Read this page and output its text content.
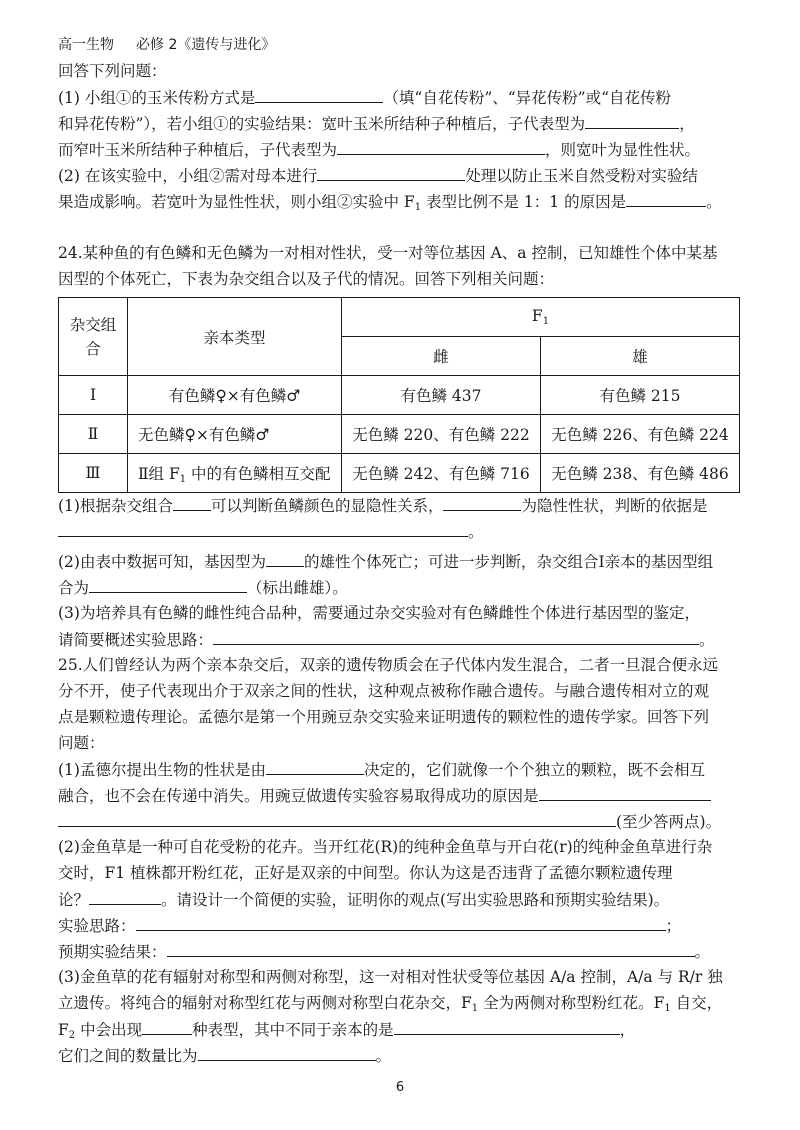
高一生物 必修 2《遗传与进化》
回答下列问题：
(1) 小组①的玉米传粉方式是	（填“自花传粉”、“异花传粉”或“自花传粉
和异花传粉”），若小组①的实验结果：宽叶玉米所结种子种植后，子代表型为	，
而窄叶玉米所结种子种植后，子代表型为	，则宽叶为显性性状。
(2) 在该实验中，小组②需对母本进行	处理以防止玉米自然受粉对实验结
果造成影响。若宽叶为显性性状，则小组②实验中 $F_1$ 表型比例不是 1：1 的原因是	。
24.某种鱼的有色鳞和无色鳞为一对相对性状，受一对等位基因 A、a 控制，已知雄性个体中某基
因型的个体死亡，下表为杂交组合以及子代的情况。回答下列相关问题：
杂交组合	亲本类型	$F_1$
		雌	雄
Ⅰ	有色鳞♀×有色鳞♂	有色鳞 437	有色鳞 215
Ⅱ	无色鳞♀×有色鳞♂	无色鳞 220、有色鳞 222	无色鳞 226、有色鳞 224
Ⅲ	Ⅱ组 $F_1$ 中的有色鳞相互交配	无色鳞 242、有色鳞 716	无色鳞 238、有色鳞 486
(1)根据杂交组合 可以判断鱼鳞颜色的显隐性关系，	为隐性性状，判断的依据是
。
(2)由表中数据可知，基因型为 的雄性个体死亡；可进一步判断，杂交组合Ⅰ亲本的基因型组
合为	（标出雌雄）。
(3)为培养具有色鳞的雌性纯合品种，需要通过杂交实验对有色鳞雌性个体进行基因型的鉴定，
请简要概述实验思路：	。
25.人们曾经认为两个亲本杂交后，双亲的遗传物质会在子代体内发生混合，二者一旦混合便永远
分不开，使子代表现出介于双亲之间的性状，这种观点被称作融合遗传。与融合遗传相对立的观
点是颗粒遗传理论。孟德尔是第一个用豌豆杂交实验来证明遗传的颗粒性的遗传学家。回答下列
问题：
(1)孟德尔提出生物的性状是由	决定的，它们就像一个个独立的颗粒，既不会相互
融合，也不会在传递中消失。用豌豆做遗传实验容易取得成功的原因是
(至少答两点)。
(2)金鱼草是一种可自花受粉的花卉。当开红花(R)的纯种金鱼草与开白花(r)的纯种金鱼草进行杂
交时，F1 植株都开粉红花，正好是双亲的中间型。你认为这是否违背了孟德尔颗粒遗传理
论？	。请设计一个简便的实验，证明你的观点(写出实验思路和预期实验结果)。
实验思路：	；
预期实验结果：	。
(3)金鱼草的花有辐射对称型和两侧对称型，这一对相对性状受等位基因 A/a 控制，A/a 与 R/r 独
立遗传。将纯合的辐射对称型红花与两侧对称型白花杂交，$F_1$ 全为两侧对称型粉红花。$F_1$ 自交，
$F_2$ 中会出现	种表型，其中不同于亲本的是	，
它们之间的数量比为	。
6
